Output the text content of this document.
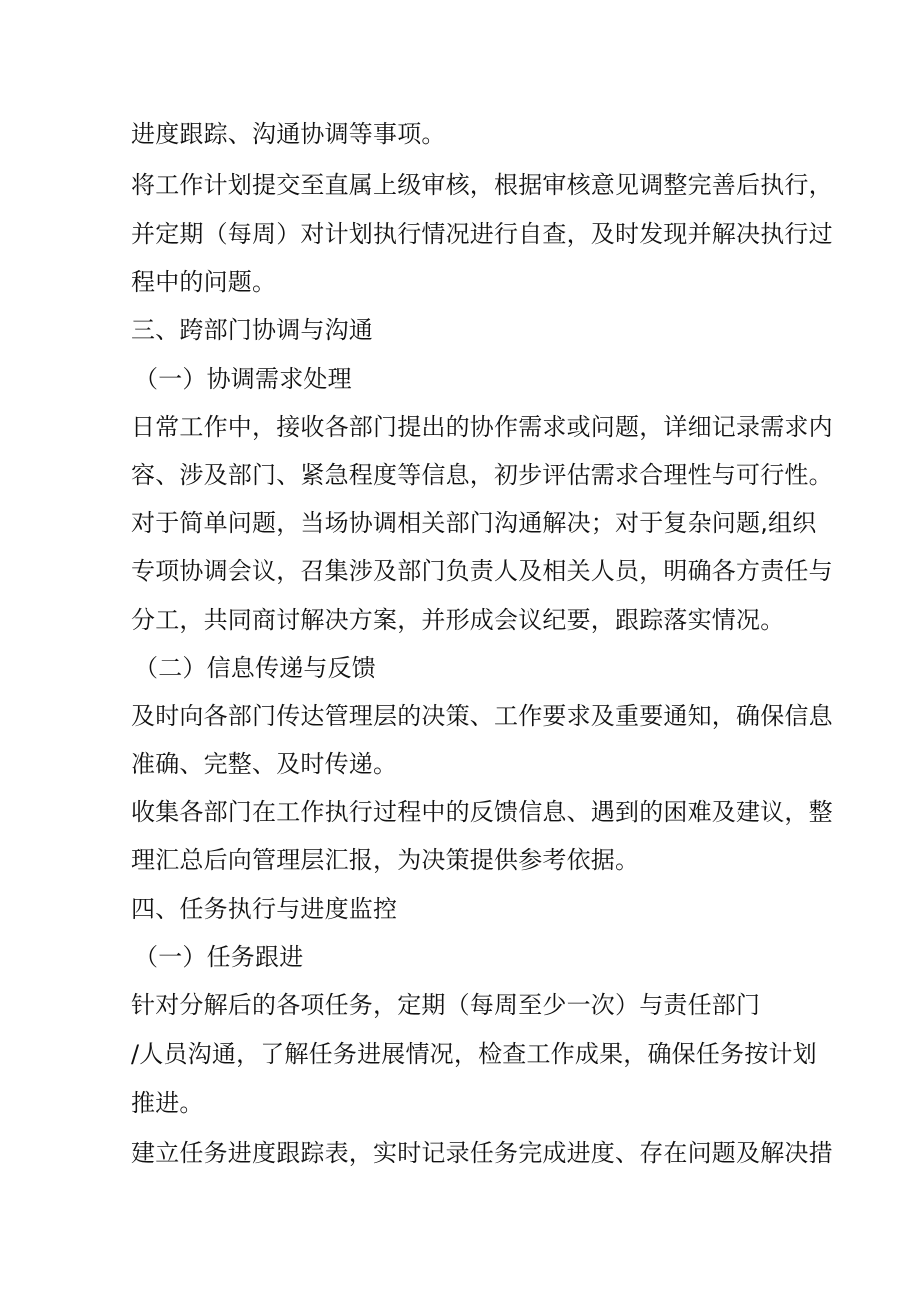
进度跟踪、沟通协调等事项。
将工作计划提交至直属上级审核，根据审核意见调整完善后执行，
并定期（每周）对计划执行情况进行自查，及时发现并解决执行过
程中的问题。
三、跨部门协调与沟通
（一）协调需求处理
日常工作中，接收各部门提出的协作需求或问题，详细记录需求内
容、涉及部门、紧急程度等信息，初步评估需求合理性与可行性。
对于简单问题，当场协调相关部门沟通解决；对于复杂问题,组织
专项协调会议，召集涉及部门负责人及相关人员，明确各方责任与
分工，共同商讨解决方案，并形成会议纪要，跟踪落实情况。
（二）信息传递与反馈
及时向各部门传达管理层的决策、工作要求及重要通知，确保信息
准确、完整、及时传递。
收集各部门在工作执行过程中的反馈信息、遇到的困难及建议，整
理汇总后向管理层汇报，为决策提供参考依据。
四、任务执行与进度监控
（一）任务跟进
针对分解后的各项任务，定期（每周至少一次）与责任部门
/人员沟通，了解任务进展情况，检查工作成果，确保任务按计划
推进。
建立任务进度跟踪表，实时记录任务完成进度、存在问题及解决措
